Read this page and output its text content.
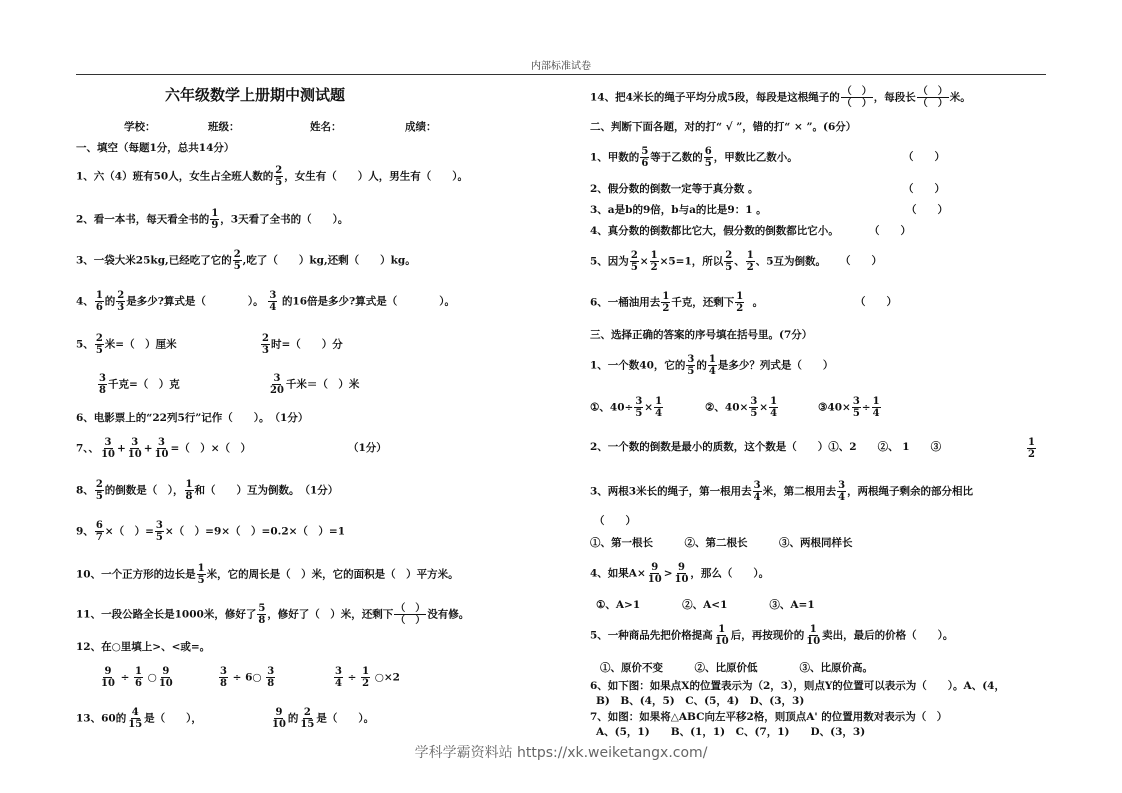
内部标准试卷
六年级数学上册期中测试题
学校：	班级：	姓名：	成绩：
一、填空（每题1分，总共14分）
1、六（4）班有50人，女生占全班人数的 $\frac{2}{5}$ ，女生有（　　）人，男生有（　　）。
2、看一本书，每天看全书的 $\frac{1}{9}$ ，3天看了全书的（　　）。
3、一袋大米25kg,已经吃了它的 $\frac{2}{5}$ ,吃了（　　）kg,还剩（　　）kg。
4、 $\frac{1}{6}$ 的 $\frac{2}{3}$ 是多少?算式是（　　　　）。 $\frac{3}{4}$ 的16倍是多少?算式是（　　　　）。
5、 $\frac{2}{5}$ 米=（　）厘米	$\frac{2}{3}$ 时=（　　）分
$\frac{3}{8}$ 千克=（　）克	$\frac{3}{20}$ 千米＝（　）米
6、电影票上的“22列5行”记作（　　）。　（1分）
7、、 $\frac{3}{10} + \frac{3}{10} + \frac{3}{10}$ =（　）×（　）	（1分）
8、 $\frac{2}{5}$ 的倒数是（　）， $\frac{1}{8}$ 和（　　）互为倒数。　（1分）
9、 $\frac{6}{7}$ ×（　）= $\frac{3}{5}$ ×（　）=9×（　）=0.2×（　）=1
10、一个正方形的边长是 $\frac{1}{5}$ 米，它的周长是（　）米，它的面积是（　）平方米。
11、一段公路全长是1000米，修好了 $\frac{5}{8}$ ，修好了（　）米，还剩下 $\frac{( )}{( )}$ 没有修。
12、在○里填上>、<或=。
$\frac{9}{10} \div \frac{1}{6}$ ○ $\frac{9}{10}$	$\frac{3}{8}$ ÷ 6○ $\frac{3}{8}$	$\frac{3}{4} \div \frac{1}{2}$ ○×2
13、60的 $\frac{4}{15}$ 是（　　），	$\frac{9}{10}$ 的 $\frac{2}{15}$ 是（　　）。
14、把4米长的绳子平均分成5段，每段是这根绳子的 $\frac{( )}{( )}$ ，每段长 $\frac{( )}{( )}$ 米。
二、判断下面各题，对的打“ √ ”，错的打“ × ”。(6分）
1、甲数的 $\frac{5}{6}$ 等于乙数的 $\frac{6}{5}$ ，甲数比乙数小。	（　　）
2、假分数的倒数一定等于真分数 。	（　　）
3、a是b的9倍，b与a的比是9：1 。	（　　）
4、真分数的倒数都比它大，假分数的倒数都比它小。	（　　）
5、因为 $\frac{2}{5} \times \frac{1}{2} \times 5=1$，所以 $\frac{2}{5}$ 、 $\frac{1}{2}$ 、5互为倒数。 （　　）
6、一桶油用去 $\frac{1}{2}$ 千克，还剩下 $\frac{1}{2}$ 。	（　　）
三、选择正确的答案的序号填在括号里。(7分）
1、一个数40，它的 $\frac{3}{5}$ 的 $\frac{1}{4}$ 是多少？列式是（　　）
①、$40\div \frac{3}{5} \times \frac{1}{4}$	②、$40\times \frac{3}{5} \times \frac{1}{4}$	③40× $\frac{3}{5} \div \frac{1}{4}$
2、一个数的倒数是最小的质数，这个数是（　　）①、2　　②、 1　　③	$\frac{1}{2}$
3、两根3米长的绳子，第一根用去 $\frac{3}{4}$ 米，第二根用去 $\frac{3}{4}$ ，两根绳子剩余的部分相比
（　　）
①、第一根长　　　②、第二根长　　　③、两根同样长
4、如果$A\times \frac{9}{10} > \frac{9}{10}$ ，那么（　　）。
①、A>1　　　　②、A<1　　　　③、A=1
5、一种商品先把价格提高 $\frac{1}{10}$ 后，再按现价的 $\frac{1}{10}$ 卖出，最后的价格（　　）。
①、原价不变　　　②、比原价低　　　　③、比原价高。
6、如下图：如果点X的位置表示为（2，3），则点Y的位置可以表示为（　　）。A、(4，
B)　B、(4，5)　C、(5，4)　D、(3，3)
7、如图：如果将△ABC向左平移2格，则顶点A' 的位置用数对表示为（　）
A、(5，1)　　B、(1，1)　C、(7，1)　　D、(3，3)
学科学霸资料站 https://xk.weiketangx.com/
